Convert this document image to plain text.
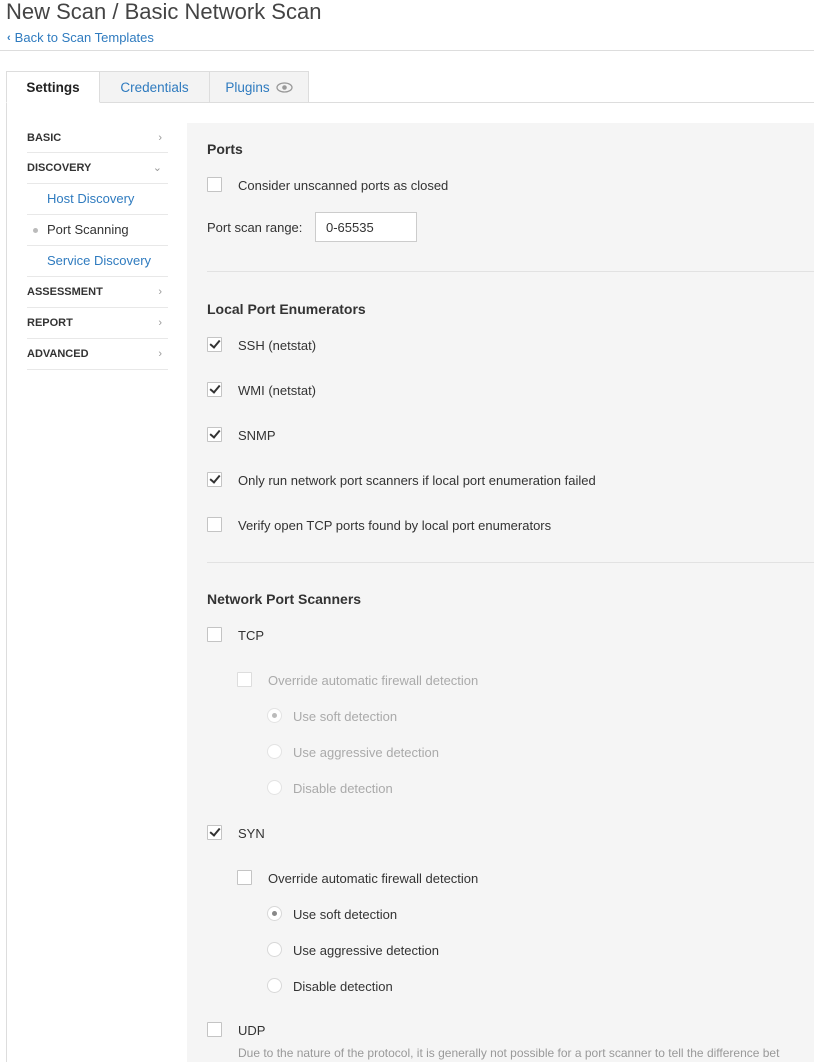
New Scan / Basic Network Scan
‹ Back to Scan Templates
Settings	Credentials	Plugins
BASIC	›
DISCOVERY	⌄
Host Discovery
Port Scanning
Service Discovery
ASSESSMENT	›
REPORT	›
ADVANCED	›
Ports
Consider unscanned ports as closed
Port scan range:
0-65535
Local Port Enumerators
SSH (netstat)
WMI (netstat)
SNMP
Only run network port scanners if local port enumeration failed
Verify open TCP ports found by local port enumerators
Network Port Scanners
TCP
Override automatic firewall detection
Use soft detection
Use aggressive detection
Disable detection
SYN
Override automatic firewall detection
Use soft detection
Use aggressive detection
Disable detection
UDP
Due to the nature of the protocol, it is generally not possible for a port scanner to tell the difference bet
